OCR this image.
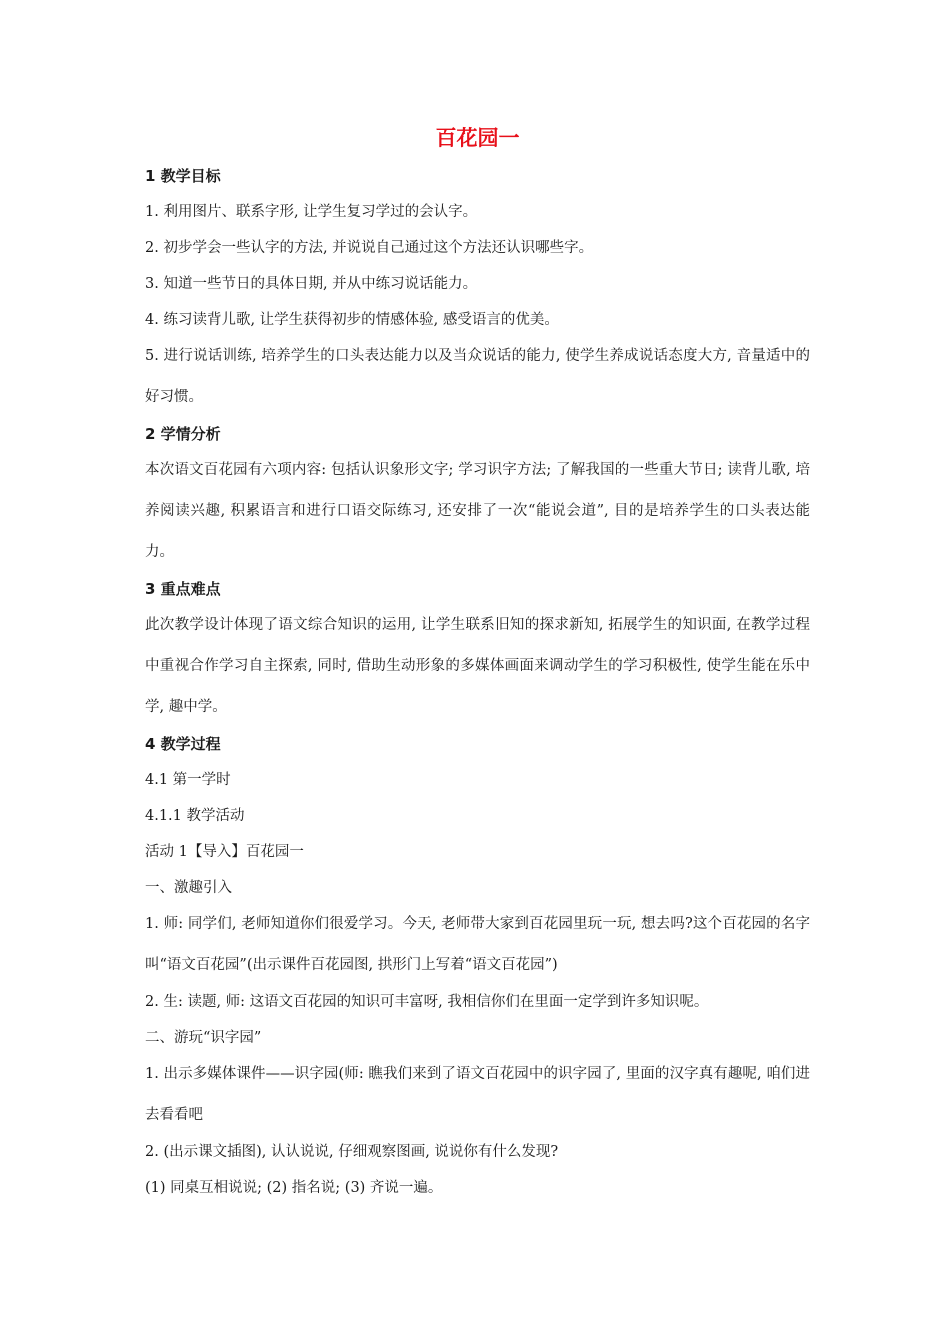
百花园一
1 教学目标
1. 利用图片、联系字形, 让学生复习学过的会认字。
2. 初步学会一些认字的方法, 并说说自己通过这个方法还认识哪些字。
3. 知道一些节日的具体日期, 并从中练习说话能力。
4. 练习读背儿歌, 让学生获得初步的情感体验, 感受语言的优美。
5. 进行说话训练, 培养学生的口头表达能力以及当众说话的能力, 使学生养成说话态度大方, 音量适中的好习惯。
2 学情分析
本次语文百花园有六项内容: 包括认识象形文字; 学习识字方法; 了解我国的一些重大节日; 读背儿歌, 培养阅读兴趣, 积累语言和进行口语交际练习, 还安排了一次“能说会道”, 目的是培养学生的口头表达能力。
3 重点难点
此次教学设计体现了语文综合知识的运用, 让学生联系旧知的探求新知, 拓展学生的知识面, 在教学过程中重视合作学习自主探索, 同时, 借助生动形象的多媒体画面来调动学生的学习积极性, 使学生能在乐中学, 趣中学。
4 教学过程
4.1 第一学时
4.1.1 教学活动
活动 1【导入】百花园一
一、激趣引入
1. 师: 同学们, 老师知道你们很爱学习。今天, 老师带大家到百花园里玩一玩, 想去吗?这个百花园的名字叫“语文百花园”(出示课件百花园图, 拱形门上写着“语文百花园”)
2. 生: 读题, 师: 这语文百花园的知识可丰富呀, 我相信你们在里面一定学到许多知识呢。
二、游玩“识字园”
1. 出示多媒体课件——识字园(师: 瞧我们来到了语文百花园中的识字园了, 里面的汉字真有趣呢, 咱们进去看看吧
2. (出示课文插图), 认认说说, 仔细观察图画, 说说你有什么发现?
(1) 同桌互相说说; (2) 指名说; (3) 齐说一遍。
